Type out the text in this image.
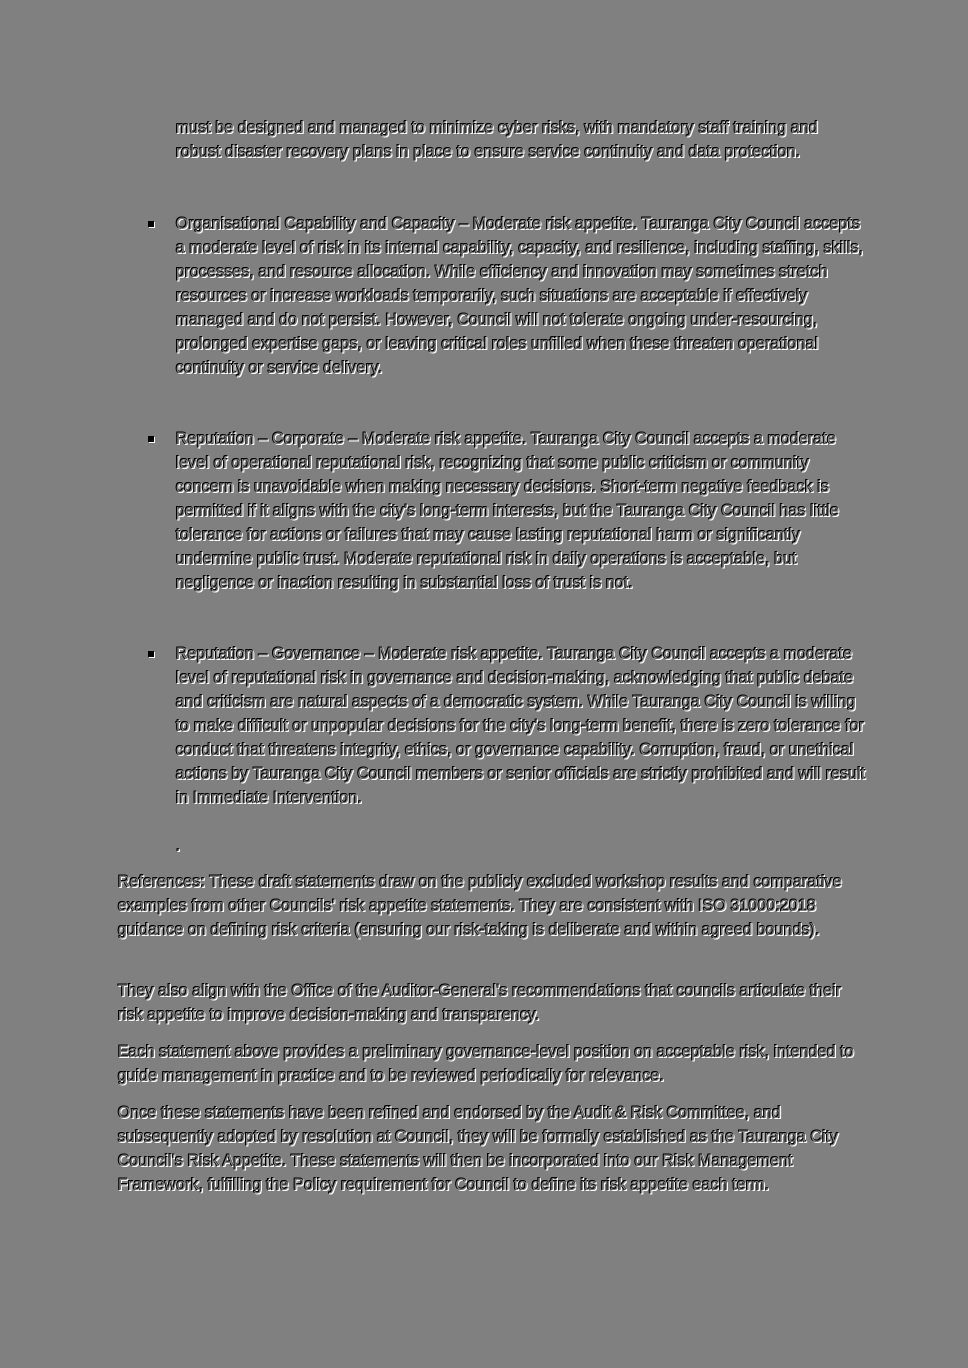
must be designed and managed to minimize cyber risks, with mandatory staff training and robust disaster recovery plans in place to ensure service continuity and data protection.
Organisational Capability and Capacity – Moderate risk appetite. Tauranga City Council accepts a moderate level of risk in its internal capability, capacity, and resilience, including staffing, skills, processes, and resource allocation. While efficiency and innovation may sometimes stretch resources or increase workloads temporarily, such situations are acceptable if effectively managed and do not persist. However, Council will not tolerate ongoing under-resourcing, prolonged expertise gaps, or leaving critical roles unfilled when these threaten operational continuity or service delivery.
Reputation – Corporate – Moderate risk appetite. Tauranga City Council accepts a moderate level of operational reputational risk, recognizing that some public criticism or community concern is unavoidable when making necessary decisions. Short-term negative feedback is permitted if it aligns with the city's long-term interests, but the Tauranga City Council has little tolerance for actions or failures that may cause lasting reputational harm or significantly undermine public trust. Moderate reputational risk in daily operations is acceptable, but negligence or inaction resulting in substantial loss of trust is not.
Reputation – Governance – Moderate risk appetite. Tauranga City Council accepts a moderate level of reputational risk in governance and decision-making, acknowledging that public debate and criticism are natural aspects of a democratic system. While Tauranga City Council is willing to make difficult or unpopular decisions for the city's long-term benefit, there is zero tolerance for conduct that threatens integrity, ethics, or governance capability. Corruption, fraud, or unethical actions by Tauranga City Council members or senior officials are strictly prohibited and will result in Immediate Intervention.
.
References: These draft statements draw on the publicly excluded workshop results and comparative examples from other Councils' risk appetite statements. They are consistent with ISO 31000:2018 guidance on defining risk criteria (ensuring our risk-taking is deliberate and within agreed bounds).
They also align with the Office of the Auditor-General's recommendations that councils articulate their risk appetite to improve decision-making and transparency.
Each statement above provides a preliminary governance-level position on acceptable risk, intended to guide management in practice and to be reviewed periodically for relevance.
Once these statements have been refined and endorsed by the Audit & Risk Committee, and subsequently adopted by resolution at Council, they will be formally established as the Tauranga City Council's Risk Appetite. These statements will then be incorporated into our Risk Management Framework, fulfilling the Policy requirement for Council to define its risk appetite each term.
